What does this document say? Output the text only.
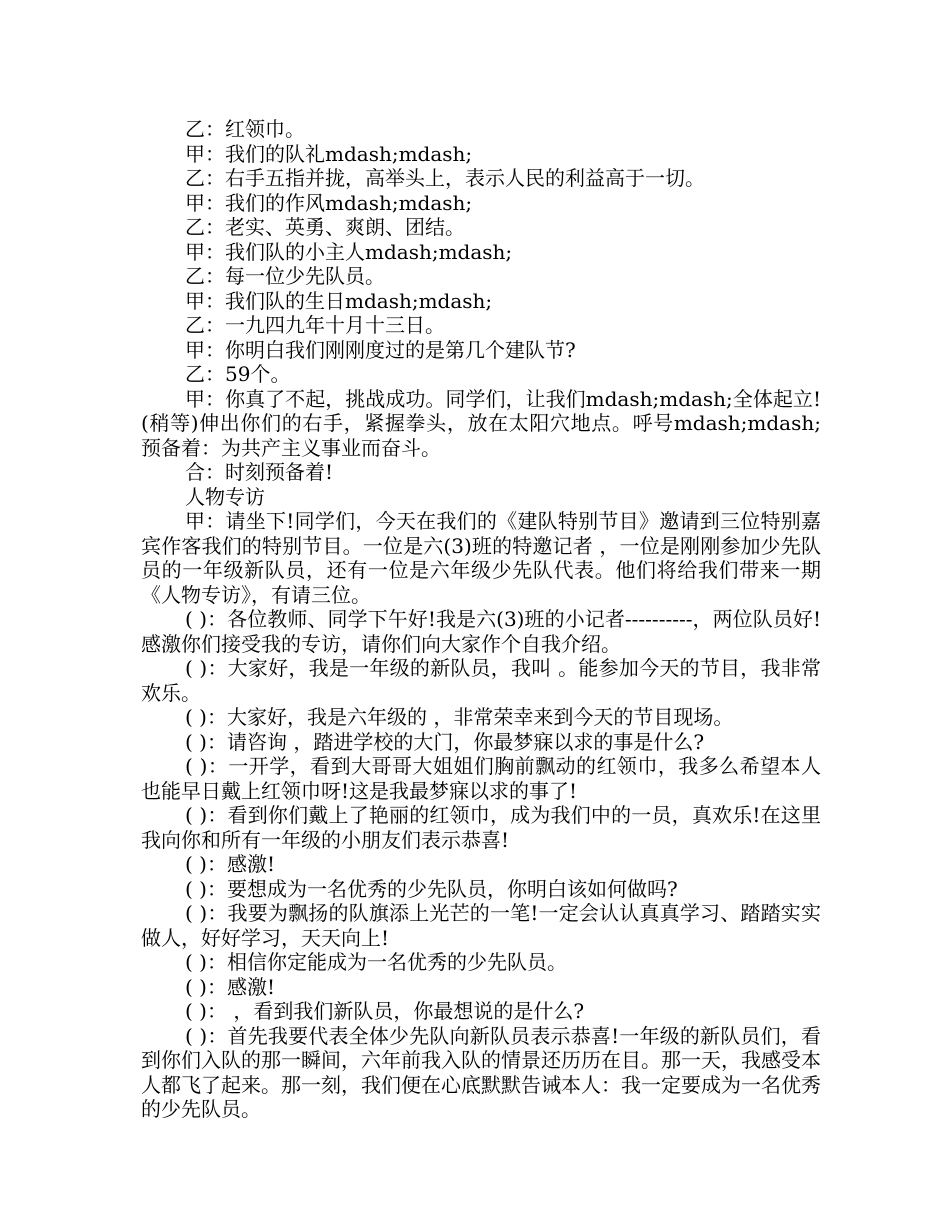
乙：红领巾。

甲：我们的队礼mdash;mdash;

乙：右手五指并拢，高举头上，表示人民的利益高于一切。

甲：我们的作风mdash;mdash;

乙：老实、英勇、爽朗、团结。

甲：我们队的小主人mdash;mdash;

乙：每一位少先队员。

甲：我们队的生日mdash;mdash;

乙：一九四九年十月十三日。

甲：你明白我们刚刚度过的是第几个建队节?

乙：59个。

甲：你真了不起，挑战成功。同学们，让我们mdash;mdash;全体起立!(稍等)伸出你们的右手，紧握拳头，放在太阳穴地点。呼号mdash;mdash;预备着：为共产主义事业而奋斗。

合：时刻预备着!

人物专访

甲：请坐下!同学们，今天在我们的《建队特别节目》邀请到三位特别嘉宾作客我们的特别节目。一位是六(3)班的特邀记者 ，一位是刚刚参加少先队员的一年级新队员，还有一位是六年级少先队代表。他们将给我们带来一期《人物专访》，有请三位。

( )：各位教师、同学下午好!我是六(3)班的小记者----------，两位队员好!感激你们接受我的专访，请你们向大家作个自我介绍。

( )：大家好，我是一年级的新队员，我叫 。能参加今天的节目，我非常欢乐。

( )：大家好，我是六年级的 ，非常荣幸来到今天的节目现场。

( )：请咨询 ，踏进学校的大门，你最梦寐以求的事是什么?

( )：一开学，看到大哥哥大姐姐们胸前飘动的红领巾，我多么希望本人也能早日戴上红领巾呀!这是我最梦寐以求的事了!

( )：看到你们戴上了艳丽的红领巾，成为我们中的一员，真欢乐!在这里我向你和所有一年级的小朋友们表示恭喜!

( )：感激!

( )：要想成为一名优秀的少先队员，你明白该如何做吗?

( )：我要为飘扬的队旗添上光芒的一笔!一定会认认真真学习、踏踏实实做人，好好学习，天天向上!

( )：相信你定能成为一名优秀的少先队员。

( )：感激!

( )： ，看到我们新队员，你最想说的是什么?

( )：首先我要代表全体少先队向新队员表示恭喜!一年级的新队员们，看到你们入队的那一瞬间，六年前我入队的情景还历历在目。那一天，我感受本人都飞了起来。那一刻，我们便在心底默默告诫本人：我一定要成为一名优秀的少先队员。
